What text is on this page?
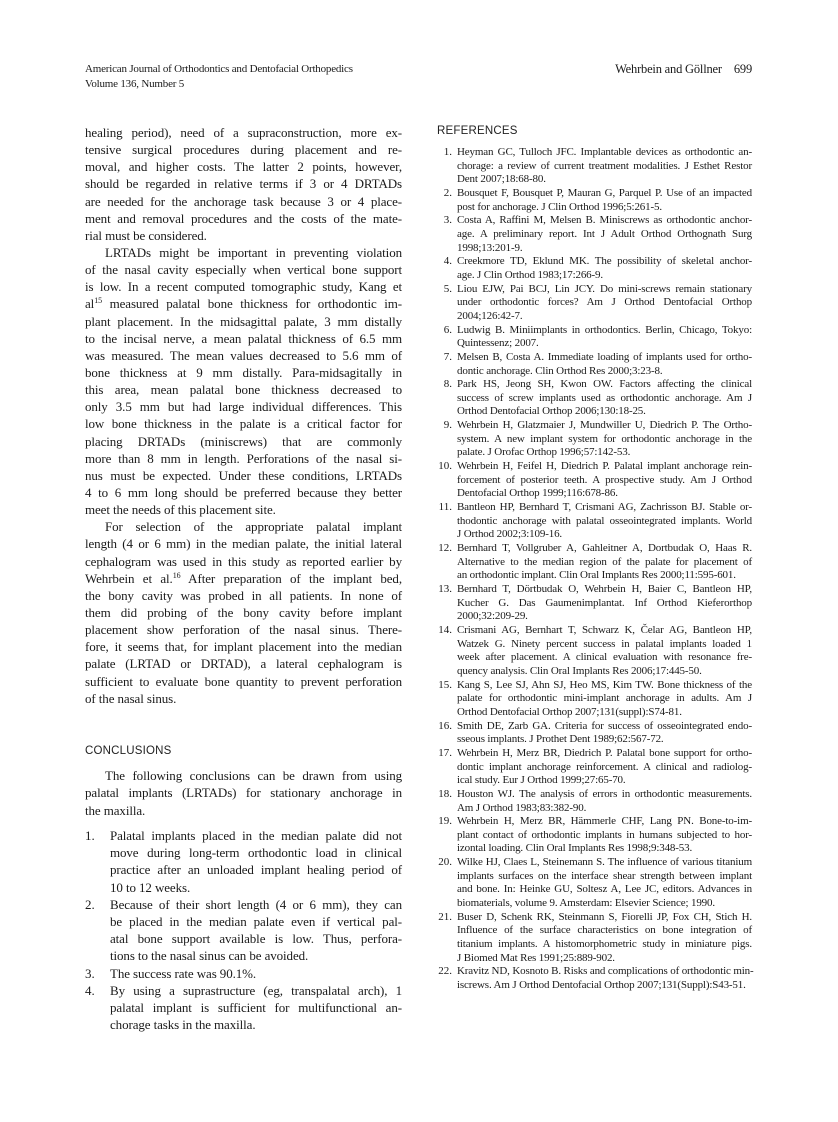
American Journal of Orthodontics and Dentofacial Orthopedics
Volume 136, Number 5
Wehrbein and Göllner 699
healing period), need of a supraconstruction, more ex-
tensive surgical procedures during placement and re-
moval, and higher costs. The latter 2 points, however,
should be regarded in relative terms if 3 or 4 DRTADs
are needed for the anchorage task because 3 or 4 place-
ment and removal procedures and the costs of the mate-
rial must be considered.
LRTADs might be important in preventing violation
of the nasal cavity especially when vertical bone support
is low. In a recent computed tomographic study, Kang et
$al^{15}$ measured palatal bone thickness for orthodontic im-
plant placement. In the midsagittal palate, 3 mm distally
to the incisal nerve, a mean palatal thickness of 6.5 mm
was measured. The mean values decreased to 5.6 mm of
bone thickness at 9 mm distally. Para-midsagitally in
this area, mean palatal bone thickness decreased to
only 3.5 mm but had large individual differences. This
low bone thickness in the palate is a critical factor for
placing DRTADs (miniscrews) that are commonly
more than 8 mm in length. Perforations of the nasal si-
nus must be expected. Under these conditions, LRTADs
4 to 6 mm long should be preferred because they better
meet the needs of this placement site.
For selection of the appropriate palatal implant
length (4 or 6 mm) in the median palate, the initial lateral
cephalogram was used in this study as reported earlier by
Wehrbein et al.$^{16}$ After preparation of the implant bed,
the bony cavity was probed in all patients. In none of
them did probing of the bony cavity before implant
placement show perforation of the nasal sinus. There-
fore, it seems that, for implant placement into the median
palate (LRTAD or DRTAD), a lateral cephalogram is
sufficient to evaluate bone quantity to prevent perforation
of the nasal sinus.
CONCLUSIONS
The following conclusions can be drawn from using
palatal implants (LRTADs) for stationary anchorage in
the maxilla.
1. Palatal implants placed in the median palate did not
move during long-term orthodontic load in clinical
practice after an unloaded implant healing period of
10 to 12 weeks.
2. Because of their short length (4 or 6 mm), they can
be placed in the median palate even if vertical pal-
atal bone support available is low. Thus, perfora-
tions to the nasal sinus can be avoided.
3. The success rate was 90.1%.
4. By using a suprastructure (eg, transpalatal arch), 1
palatal implant is sufficient for multifunctional an-
chorage tasks in the maxilla.
REFERENCES
1. Heyman GC, Tulloch JFC. Implantable devices as orthodontic an-
chorage: a review of current treatment modalities. J Esthet Restor
Dent 2007;18:68-80.
2. Bousquet F, Bousquet P, Mauran G, Parquel P. Use of an impacted
post for anchorage. J Clin Orthod 1996;5:261-5.
3. Costa A, Raffini M, Melsen B. Miniscrews as orthodontic anchor-
age. A preliminary report. Int J Adult Orthod Orthognath Surg
1998;13:201-9.
4. Creekmore TD, Eklund MK. The possibility of skeletal anchor-
age. J Clin Orthod 1983;17:266-9.
5. Liou EJW, Pai BCJ, Lin JCY. Do mini-screws remain stationary
under orthodontic forces? Am J Orthod Dentofacial Orthop
2004;126:42-7.
6. Ludwig B. Miniimplants in orthodontics. Berlin, Chicago, Tokyo:
Quintessenz; 2007.
7. Melsen B, Costa A. Immediate loading of implants used for ortho-
dontic anchorage. Clin Orthod Res 2000;3:23-8.
8. Park HS, Jeong SH, Kwon OW. Factors affecting the clinical
success of screw implants used as orthodontic anchorage. Am J
Orthod Dentofacial Orthop 2006;130:18-25.
9. Wehrbein H, Glatzmaier J, Mundwiller U, Diedrich P. The Ortho-
system. A new implant system for orthodontic anchorage in the
palate. J Orofac Orthop 1996;57:142-53.
10. Wehrbein H, Feifel H, Diedrich P. Palatal implant anchorage rein-
forcement of posterior teeth. A prospective study. Am J Orthod
Dentofacial Orthop 1999;116:678-86.
11. Bantleon HP, Bernhard T, Crismani AG, Zachrisson BJ. Stable or-
thodontic anchorage with palatal osseointegrated implants. World
J Orthod 2002;3:109-16.
12. Bernhard T, Vollgruber A, Gahleitner A, Dortbudak O, Haas R.
Alternative to the median region of the palate for placement of
an orthodontic implant. Clin Oral Implants Res 2000;11:595-601.
13. Bernhard T, Dörtbudak O, Wehrbein H, Baier C, Bantleon HP,
Kucher G. Das Gaumenimplantat. Inf Orthod Kieferorthop
2000;32:209-29.
14. Crismani AG, Bernhart T, Schwarz K, Čelar AG, Bantleon HP,
Watzek G. Ninety percent success in palatal implants loaded 1
week after placement. A clinical evaluation with resonance fre-
quency analysis. Clin Oral Implants Res 2006;17:445-50.
15. Kang S, Lee SJ, Ahn SJ, Heo MS, Kim TW. Bone thickness of the
palate for orthodontic mini-implant anchorage in adults. Am J
Orthod Dentofacial Orthop 2007;131(suppl):S74-81.
16. Smith DE, Zarb GA. Criteria for success of osseointegrated endo-
sseous implants. J Prothet Dent 1989;62:567-72.
17. Wehrbein H, Merz BR, Diedrich P. Palatal bone support for ortho-
dontic implant anchorage reinforcement. A clinical and radiolog-
ical study. Eur J Orthod 1999;27:65-70.
18. Houston WJ. The analysis of errors in orthodontic measurements.
Am J Orthod 1983;83:382-90.
19. Wehrbein H, Merz BR, Hämmerle CHF, Lang PN. Bone-to-im-
plant contact of orthodontic implants in humans subjected to hor-
izontal loading. Clin Oral Implants Res 1998;9:348-53.
20. Wilke HJ, Claes L, Steinemann S. The influence of various titanium
implants surfaces on the interface shear strength between implant
and bone. In: Heinke GU, Soltesz A, Lee JC, editors. Advances in
biomaterials, volume 9. Amsterdam: Elsevier Science; 1990.
21. Buser D, Schenk RK, Steinmann S, Fiorelli JP, Fox CH, Stich H.
Influence of the surface characteristics on bone integration of
titanium implants. A histomorphometric study in miniature pigs.
J Biomed Mat Res 1991;25:889-902.
22. Kravitz ND, Kosnoto B. Risks and complications of orthodontic min-
iscrews. Am J Orthod Dentofacial Orthop 2007;131(Suppl):S43-51.
